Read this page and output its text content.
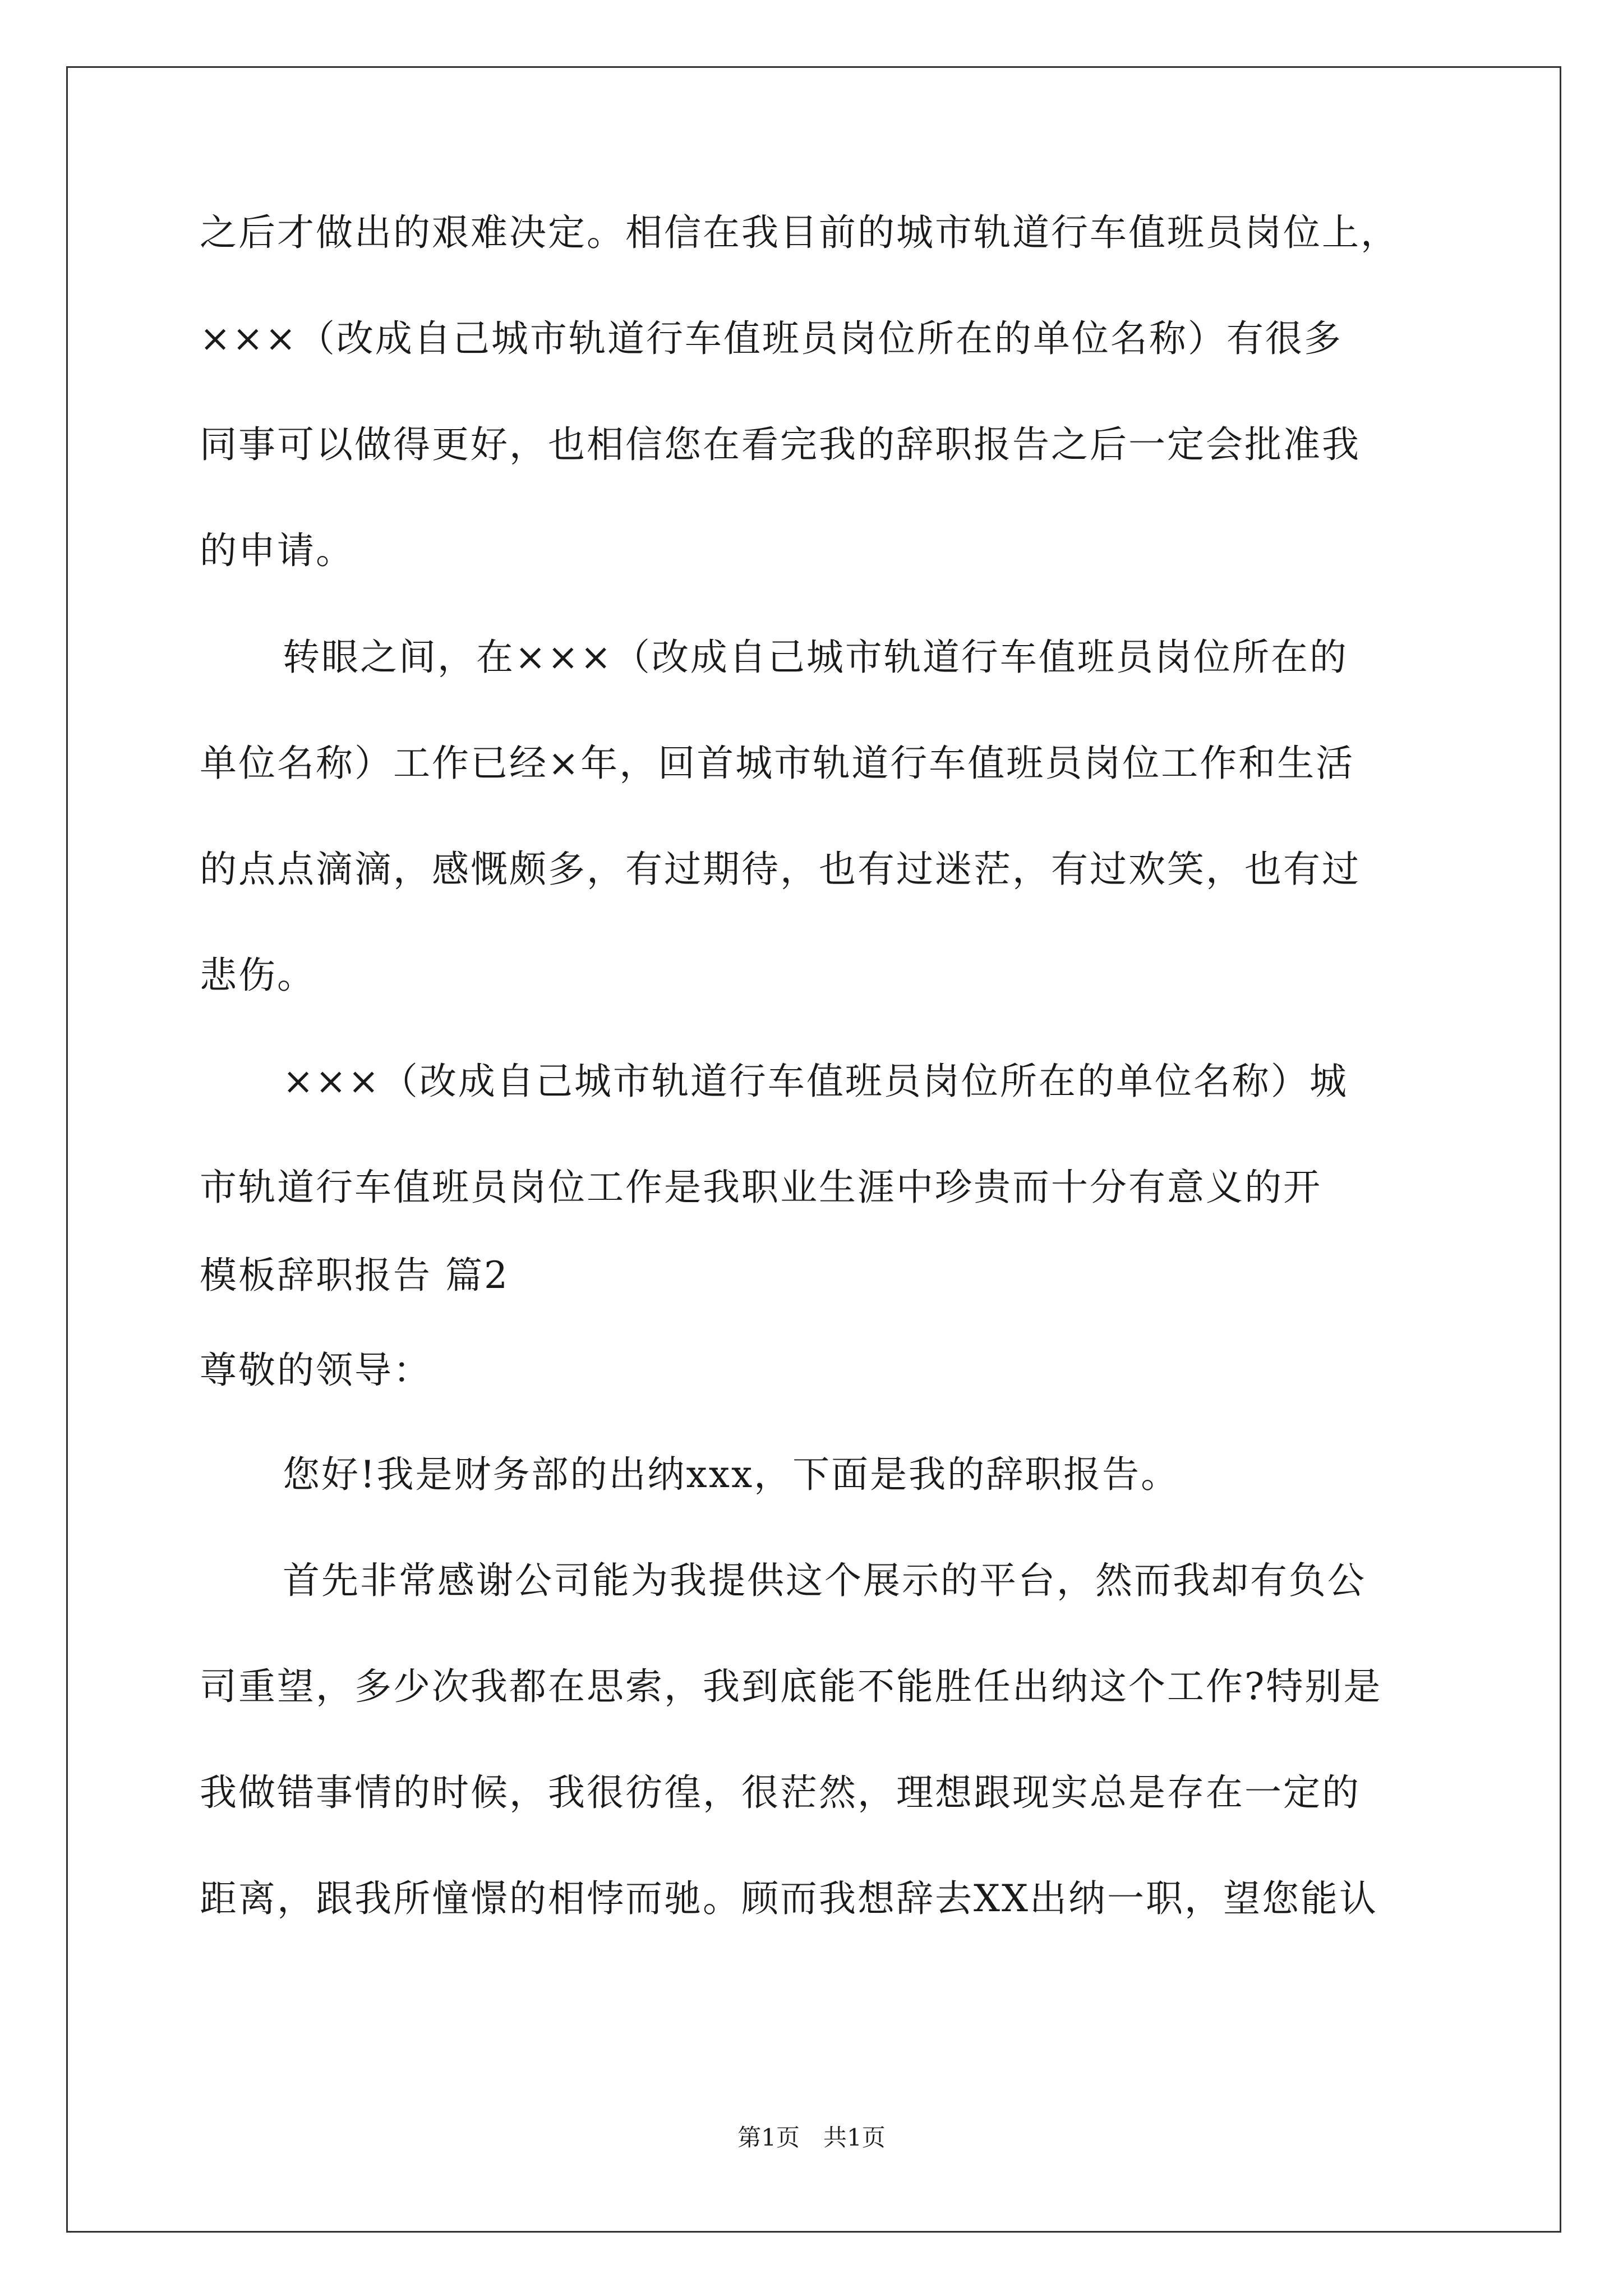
之后才做出的艰难决定。相信在我目前的城市轨道行车值班员岗位上，
×××（改成自己城市轨道行车值班员岗位所在的单位名称）有很多
同事可以做得更好，也相信您在看完我的辞职报告之后一定会批准我
的申请。
转眼之间，在×××（改成自己城市轨道行车值班员岗位所在的
单位名称）工作已经×年，回首城市轨道行车值班员岗位工作和生活
的点点滴滴，感慨颇多，有过期待，也有过迷茫，有过欢笑，也有过
悲伤。
×××（改成自己城市轨道行车值班员岗位所在的单位名称）城
市轨道行车值班员岗位工作是我职业生涯中珍贵而十分有意义的开
模板辞职报告 篇2
尊敬的领导：
您好!我是财务部的出纳xxx，下面是我的辞职报告。
首先非常感谢公司能为我提供这个展示的平台，然而我却有负公
司重望，多少次我都在思索，我到底能不能胜任出纳这个工作?特别是
我做错事情的时候，我很彷徨，很茫然，理想跟现实总是存在一定的
距离，跟我所憧憬的相悖而驰。顾而我想辞去XX出纳一职，望您能认
第1页　共1页
